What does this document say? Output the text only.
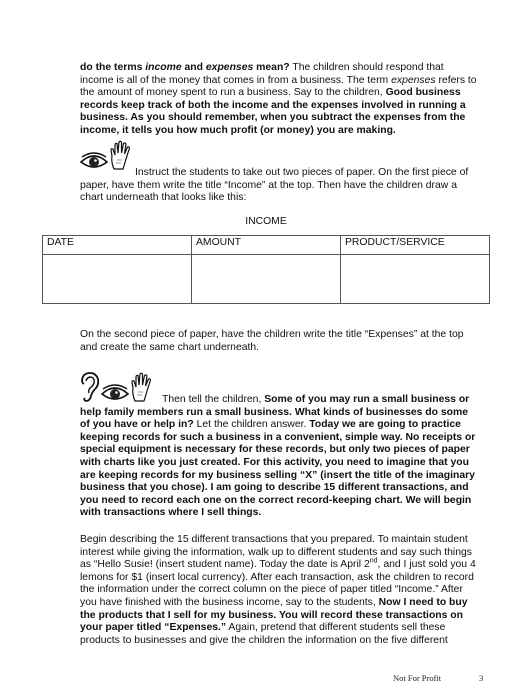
do the terms income and expenses mean? The children should respond that income is all of the money that comes in from a business. The term expenses refers to the amount of money spent to run a business. Say to the children, Good business records keep track of both the income and the expenses involved in running a business. As you should remember, when you subtract the expenses from the income, it tells you how much profit (or money) you are making.

Instruct the students to take out two pieces of paper. On the first piece of paper, have them write the title “Income” at the top. Then have the children draw a chart underneath that looks like this:

INCOME
DATE	AMOUNT	PRODUCT/SERVICE

On the second piece of paper, have the children write the title “Expenses” at the top and create the same chart underneath.

Then tell the children, Some of you may run a small business or help family members run a small business. What kinds of businesses do some of you have or help in? Let the children answer. Today we are going to practice keeping records for such a business in a convenient, simple way. No receipts or special equipment is necessary for these records, but only two pieces of paper with charts like you just created. For this activity, you need to imagine that you are keeping records for my business selling “X” (insert the title of the imaginary business that you chose). I am going to describe 15 different transactions, and you need to record each one on the correct record-keeping chart. We will begin with transactions where I sell things.

Begin describing the 15 different transactions that you prepared. To maintain student interest while giving the information, walk up to different students and say such things as “Hello Susie! (insert student name). Today the date is April 2nd, and I just sold you 4 lemons for $1 (insert local currency). After each transaction, ask the children to record the information under the correct column on the piece of paper titled “Income.” After you have finished with the business income, say to the students, Now I need to buy the products that I sell for my business. You will record these transactions on your paper titled “Expenses.” Again, pretend that different students sell these products to businesses and give the children the information on the five different

Not For Profit	3
